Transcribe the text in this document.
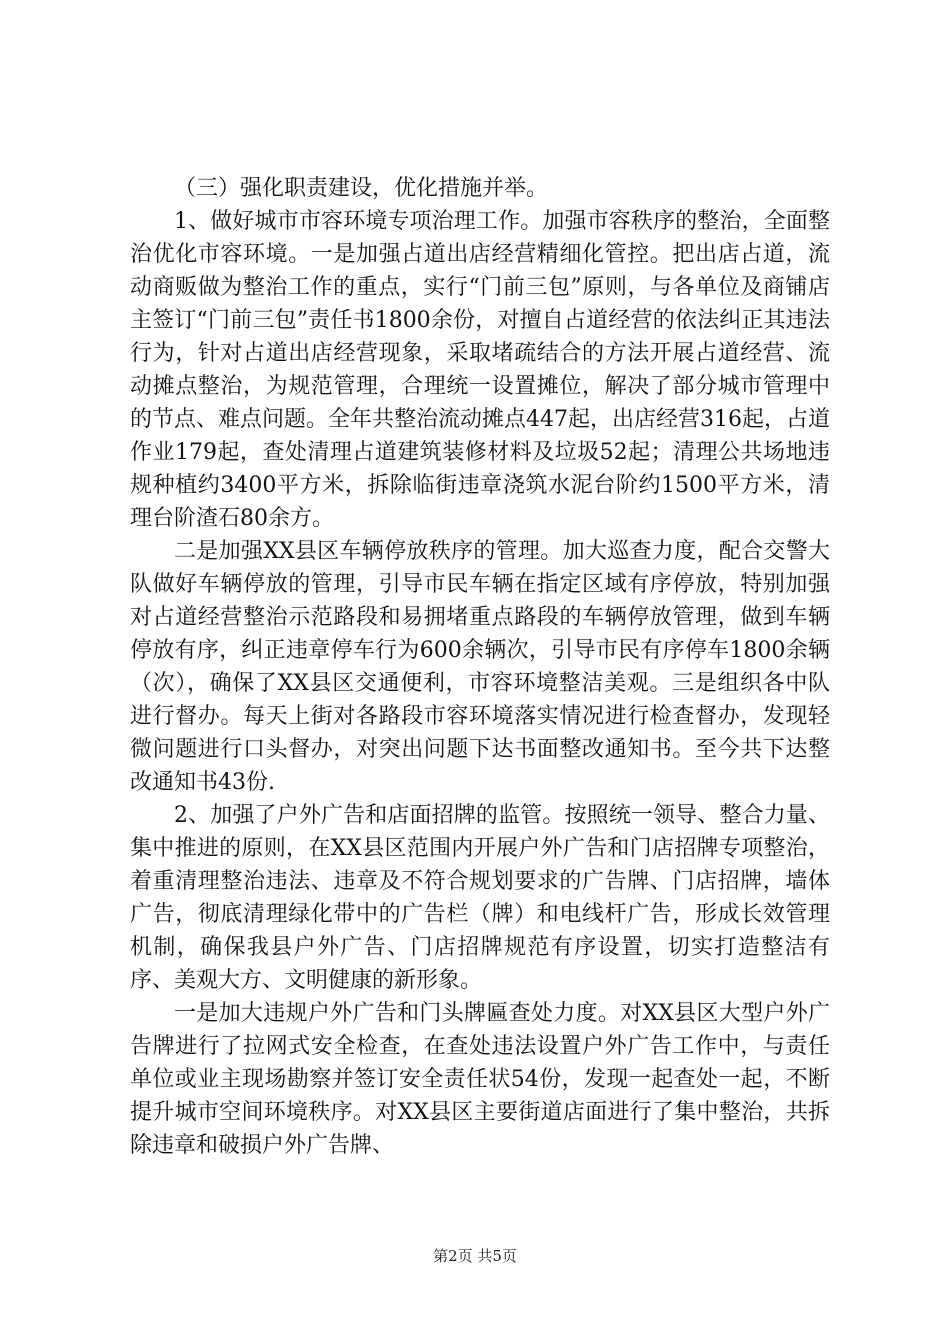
（三）强化职责建设，优化措施并举。

1、做好城市市容环境专项治理工作。加强市容秩序的整治，全面整治优化市容环境。一是加强占道出店经营精细化管控。把出店占道，流动商贩做为整治工作的重点，实行“门前三包”原则，与各单位及商铺店主签订“门前三包”责任书1800余份，对擅自占道经营的依法纠正其违法行为，针对占道出店经营现象，采取堵疏结合的方法开展占道经营、流动摊点整治，为规范管理，合理统一设置摊位，解决了部分城市管理中的节点、难点问题。全年共整治流动摊点447起，出店经营316起，占道作业179起，查处清理占道建筑装修材料及垃圾52起；清理公共场地违规种植约3400平方米，拆除临街违章浇筑水泥台阶约1500平方米，清理台阶渣石80余方。

二是加强XX县区车辆停放秩序的管理。加大巡查力度，配合交警大队做好车辆停放的管理，引导市民车辆在指定区域有序停放，特别加强对占道经营整治示范路段和易拥堵重点路段的车辆停放管理，做到车辆停放有序，纠正违章停车行为600余辆次，引导市民有序停车1800余辆（次），确保了XX县区交通便利，市容环境整洁美观。三是组织各中队进行督办。每天上街对各路段市容环境落实情况进行检查督办，发现轻微问题进行口头督办，对突出问题下达书面整改通知书。至今共下达整改通知书43份.

2、加强了户外广告和店面招牌的监管。按照统一领导、整合力量、集中推进的原则，在XX县区范围内开展户外广告和门店招牌专项整治，着重清理整治违法、违章及不符合规划要求的广告牌、门店招牌，墙体广告，彻底清理绿化带中的广告栏（牌）和电线杆广告，形成长效管理机制，确保我县户外广告、门店招牌规范有序设置，切实打造整洁有序、美观大方、文明健康的新形象。

一是加大违规户外广告和门头牌匾查处力度。对XX县区大型户外广告牌进行了拉网式安全检查，在查处违法设置户外广告工作中，与责任单位或业主现场勘察并签订安全责任状54份，发现一起查处一起，不断提升城市空间环境秩序。对XX县区主要街道店面进行了集中整治，共拆除违章和破损户外广告牌、

第2页 共5页
